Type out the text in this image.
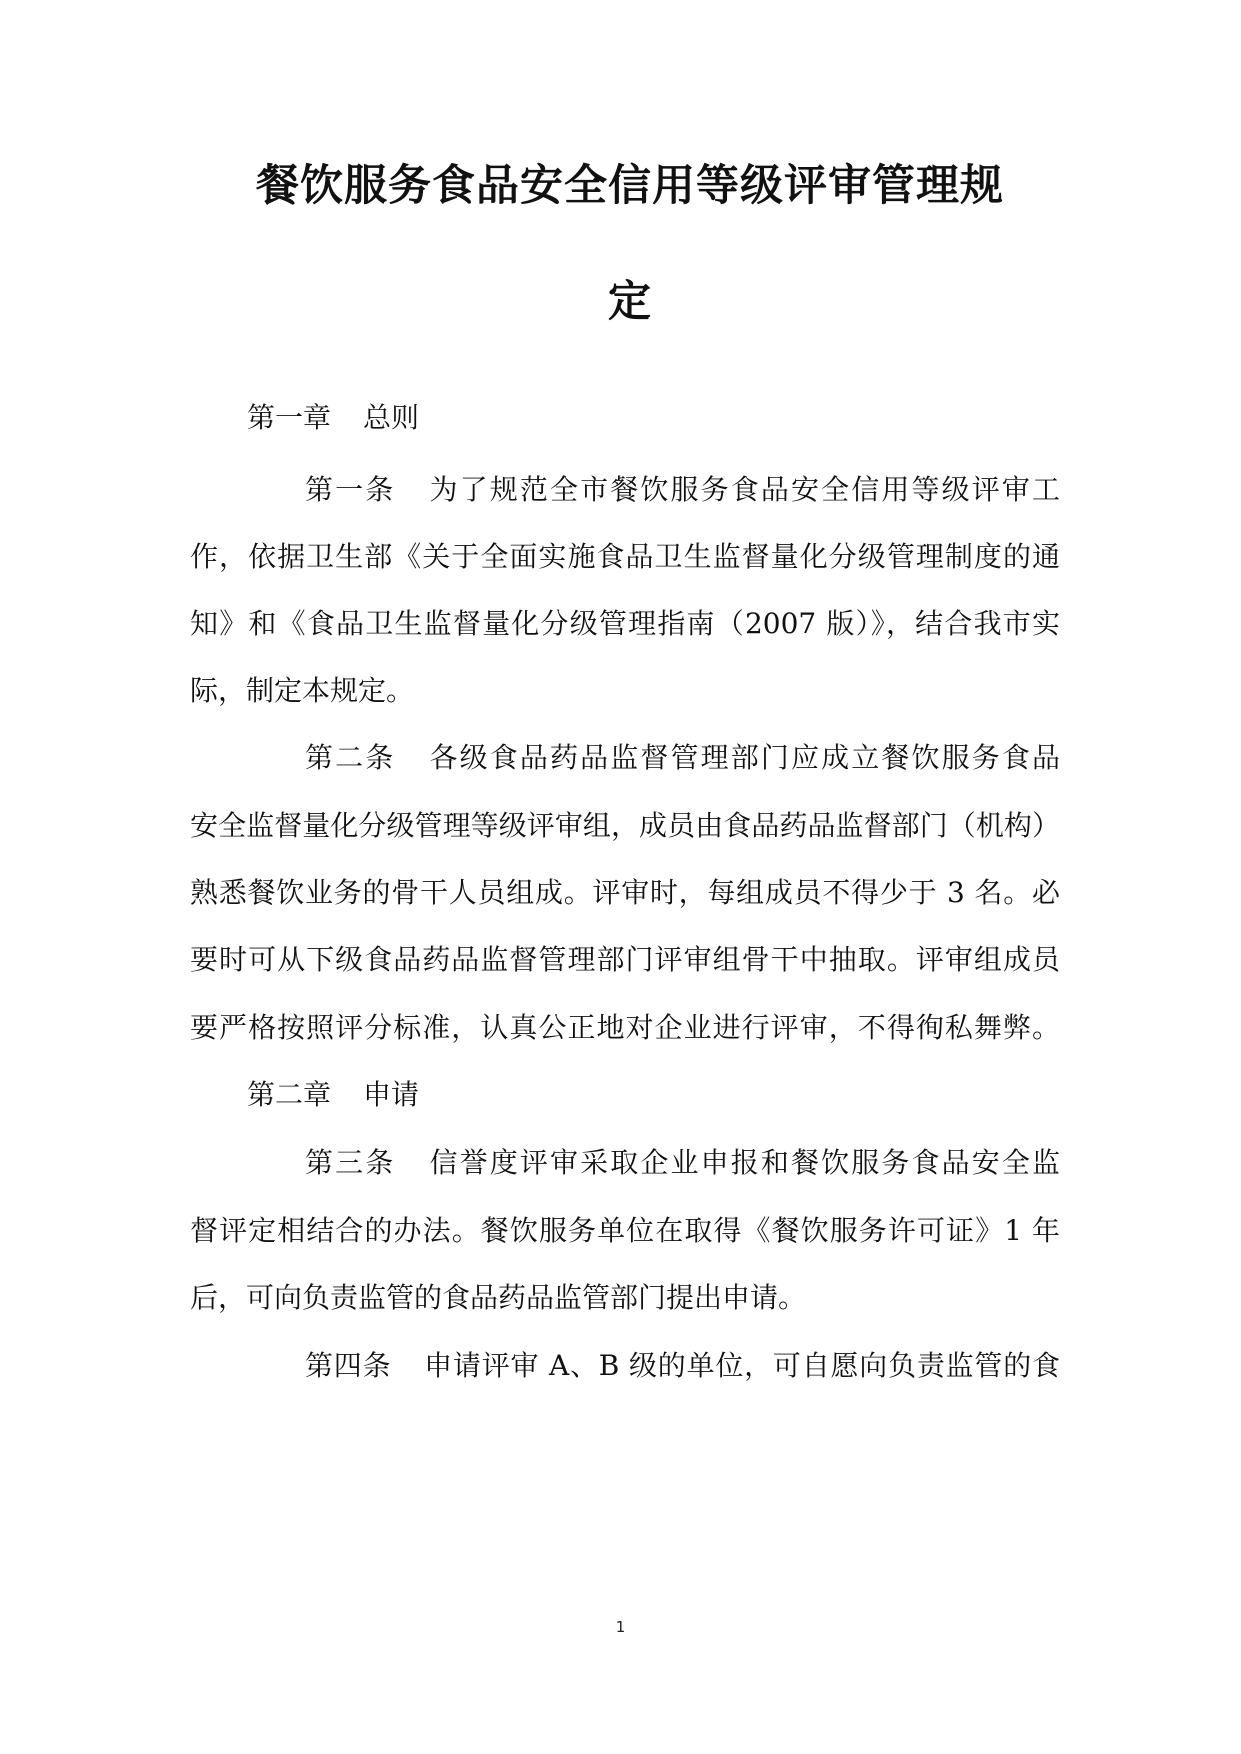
餐饮服务食品安全信用等级评审管理规
定

第一章 总则

第一条 为了规范全市餐饮服务食品安全信用等级评审工

作，依据卫生部《关于全面实施食品卫生监督量化分级管理制度的通

知》和《食品卫生监督量化分级管理指南（2007 版）》，结合我市实

际，制定本规定。

第二条 各级食品药品监督管理部门应成立餐饮服务食品

安全监督量化分级管理等级评审组，成员由食品药品监督部门（机构）

熟悉餐饮业务的骨干人员组成。评审时，每组成员不得少于 3 名。必

要时可从下级食品药品监督管理部门评审组骨干中抽取。评审组成员

要严格按照评分标准，认真公正地对企业进行评审，不得徇私舞弊。

第二章 申请

第三条 信誉度评审采取企业申报和餐饮服务食品安全监

督评定相结合的办法。餐饮服务单位在取得《餐饮服务许可证》1 年

后，可向负责监管的食品药品监管部门提出申请。

第四条 申请评审 A、B 级的单位，可自愿向负责监管的食

1
